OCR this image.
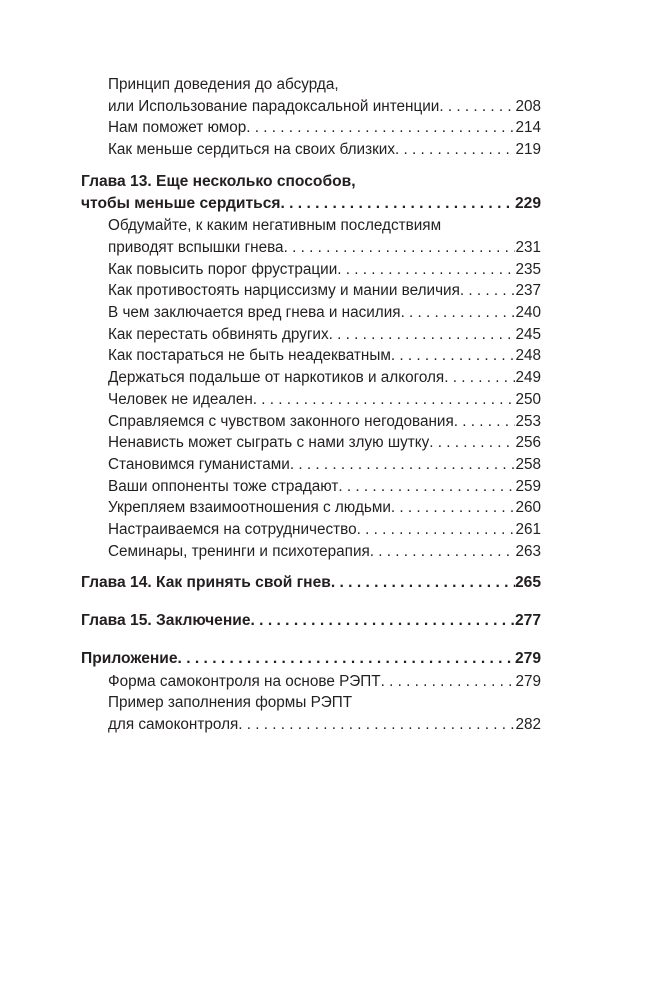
Принцип доведения до абсурда,
или Использование парадоксальной интенции . . .	208
Нам поможет юмор . . .	214
Как меньше сердиться на своих близких . . .	219
Глава 13. Еще несколько способов,
чтобы меньше сердиться . . .	229
Обдумайте, к каким негативным последствиям
приводят вспышки гнева . . .	231
Как повысить порог фрустрации . . .	235
Как противостоять нарциссизму и мании величия . . .	237
В чем заключается вред гнева и насилия . . .	240
Как перестать обвинять других . . .	245
Как постараться не быть неадекватным . . .	248
Держаться подальше от наркотиков и алкоголя . . .	249
Человек не идеален . . .	250
Справляемся с чувством законного негодования . . .	253
Ненависть может сыграть с нами злую шутку . . .	256
Становимся гуманистами . . .	258
Ваши оппоненты тоже страдают . . .	259
Укрепляем взаимоотношения с людьми . . .	260
Настраиваемся на сотрудничество . . .	261
Семинары, тренинги и психотерапия . . .	263
Глава 14. Как принять свой гнев . . .	265
Глава 15. Заключение . . .	277
Приложение . . .	279
Форма самоконтроля на основе РЭПТ . . .	279
Пример заполнения формы РЭПТ
для самоконтроля . . .	282
